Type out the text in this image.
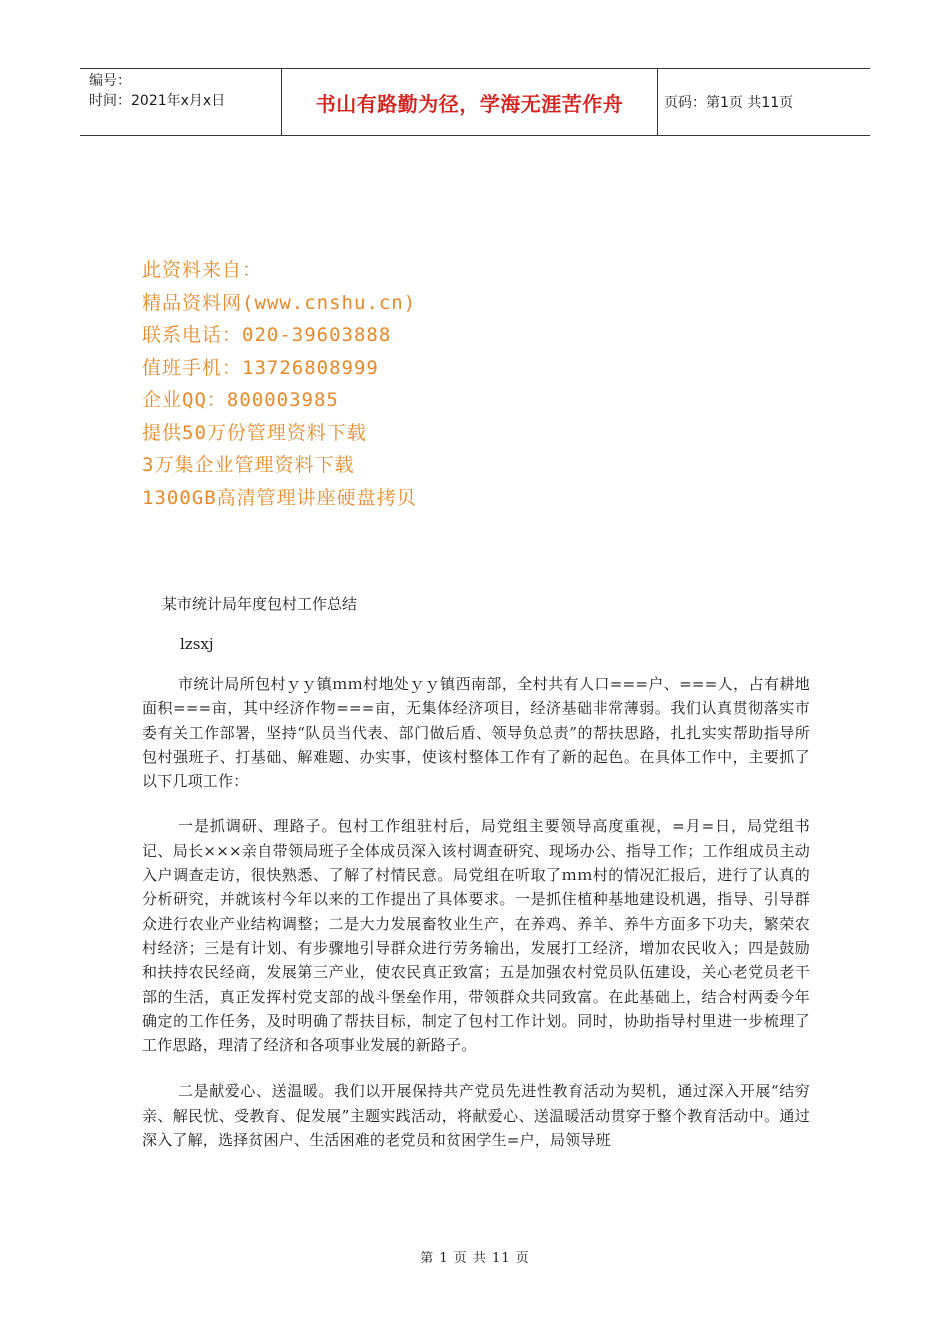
编号：
时间：2021年x月x日	书山有路勤为径，学海无涯苦作舟	页码：第1页 共11页
此资料来自：
精品资料网(www.cnshu.cn)
联系电话：020-39603888
值班手机：13726808999
企业QQ：800003985
提供50万份管理资料下载
3万集企业管理资料下载
1300GB高清管理讲座硬盘拷贝
某市统计局年度包村工作总结
lzsxj

市统计局所包村ｙｙ镇ｍｍ村地处ｙｙ镇西南部，全村共有人口===户、===人，占有耕地面积===亩，其中经济作物===亩，无集体经济项目，经济基础非常薄弱。我们认真贯彻落实市委有关工作部署，坚持“队员当代表、部门做后盾、领导负总责”的帮扶思路，扎扎实实帮助指导所包村强班子、打基础、解难题、办实事，使该村整体工作有了新的起色。在具体工作中，主要抓了以下几项工作：

一是抓调研、理路子。包村工作组驻村后，局党组主要领导高度重视，=月=日，局党组书记、局长×××亲自带领局班子全体成员深入该村调查研究、现场办公、指导工作；工作组成员主动入户调查走访，很快熟悉、了解了村情民意。局党组在听取了ｍｍ村的情况汇报后，进行了认真的分析研究，并就该村今年以来的工作提出了具体要求。一是抓住植种基地建设机遇，指导、引导群众进行农业产业结构调整；二是大力发展畜牧业生产，在养鸡、养羊、养牛方面多下功夫，繁荣农村经济；三是有计划、有步骤地引导群众进行劳务输出，发展打工经济，增加农民收入；四是鼓励和扶持农民经商，发展第三产业，使农民真正致富；五是加强农村党员队伍建设，关心老党员老干部的生活，真正发挥村党支部的战斗堡垒作用，带领群众共同致富。在此基础上，结合村两委今年确定的工作任务，及时明确了帮扶目标，制定了包村工作计划。同时，协助指导村里进一步梳理了工作思路，理清了经济和各项事业发展的新路子。

二是献爱心、送温暖。我们以开展保持共产党员先进性教育活动为契机，通过深入开展“结穷亲、解民忧、受教育、促发展”主题实践活动，将献爱心、送温暖活动贯穿于整个教育活动中。通过深入了解，选择贫困户、生活困难的老党员和贫困学生=户，局领导班

第 1 页 共 11 页
